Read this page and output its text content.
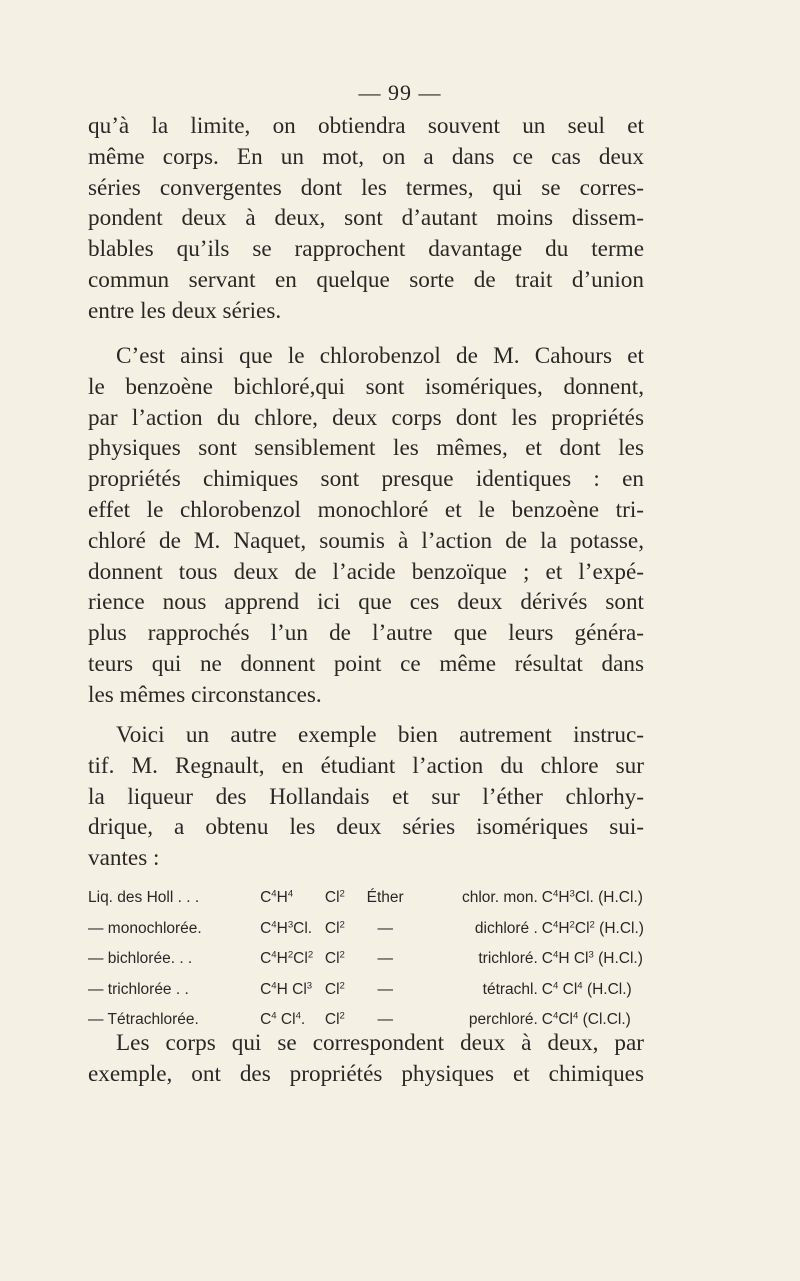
— 99 —
qu’à la limite, on obtiendra souvent un seul et
même corps. En un mot, on a dans ce cas deux
séries convergentes dont les termes, qui se corres-
pondent deux à deux, sont d’autant moins dissem-
blables qu’ils se rapprochent davantage du terme
commun servant en quelque sorte de trait d’union
entre les deux séries.
C’est ainsi que le chlorobenzol de M. Cahours et
le benzoène bichloré,qui sont isomériques, donnent,
par l’action du chlore, deux corps dont les propriétés
physiques sont sensiblement les mêmes, et dont les
propriétés chimiques sont presque identiques : en
effet le chlorobenzol monochloré et le benzoène tri-
chloré de M. Naquet, soumis à l’action de la potasse,
donnent tous deux de l’acide benzoïque ; et l’expé-
rience nous apprend ici que ces deux dérivés sont
plus rapprochés l’un de l’autre que leurs généra-
teurs qui ne donnent point ce même résultat dans
les mêmes circonstances.
Voici un autre exemple bien autrement instruc-
tif. M. Regnault, en étudiant l’action du chlore sur
la liqueur des Hollandais et sur l’éther chlorhy-
drique, a obtenu les deux séries isomériques sui-
vantes :
Liq. des Holl . . .	$C^4H^4$	Cl$^2$	Éther	chlor. mon.	$C^4H^3Cl$. (H.Cl.)
— monochlorée.	$C^4H^3Cl$.	Cl$^2$	—	dichloré .	$C^4H^2Cl^2$ (H.Cl.)
— bichlorée. . .	$C^4H^2Cl^2$	Cl$^2$	—	trichloré.	$C^4H$ Cl$^3$ (H.Cl.)
— trichlorée . .	$C^4H$ Cl$^3$	Cl$^2$	—	tétrachl.	$C^4$ Cl$^4$ (H.Cl.)
— Tétrachlorée.	$C^4$ Cl$^4$.	Cl$^2$	—	perchloré.	$C^4Cl^4$ (Cl.Cl.)
Les corps qui se correspondent deux à deux, par
exemple, ont des propriétés physiques et chimiques
